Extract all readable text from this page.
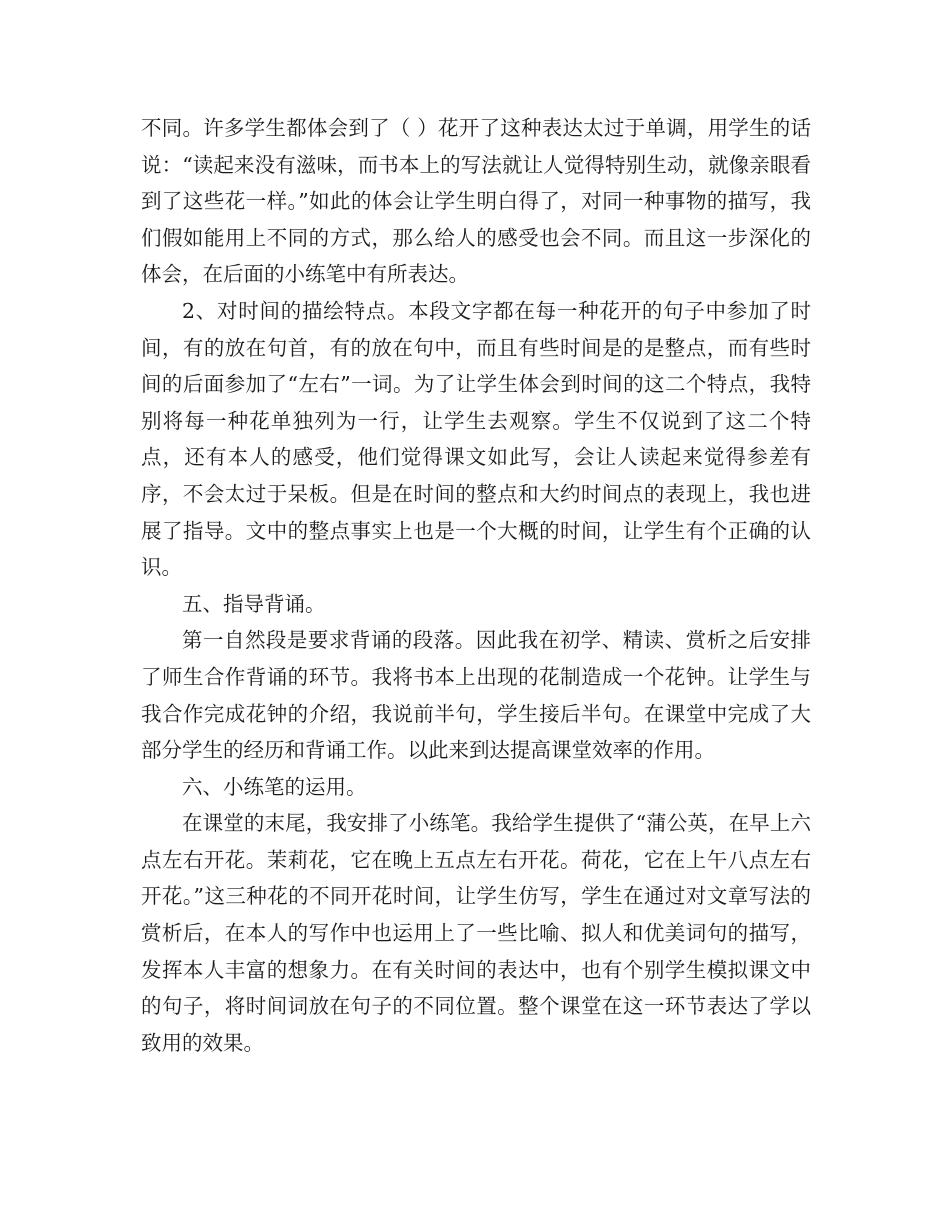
不同。许多学生都体会到了（ ）花开了这种表达太过于单调，用学生的话说：“读起来没有滋味，而书本上的写法就让人觉得特别生动，就像亲眼看到了这些花一样。”如此的体会让学生明白得了，对同一种事物的描写，我们假如能用上不同的方式，那么给人的感受也会不同。而且这一步深化的体会，在后面的小练笔中有所表达。

2、对时间的描绘特点。本段文字都在每一种花开的句子中参加了时间，有的放在句首，有的放在句中，而且有些时间是的是整点，而有些时间的后面参加了“左右”一词。为了让学生体会到时间的这二个特点，我特别将每一种花单独列为一行，让学生去观察。学生不仅说到了这二个特点，还有本人的感受，他们觉得课文如此写，会让人读起来觉得参差有序，不会太过于呆板。但是在时间的整点和大约时间点的表现上，我也进展了指导。文中的整点事实上也是一个大概的时间，让学生有个正确的认识。

五、指导背诵。

第一自然段是要求背诵的段落。因此我在初学、精读、赏析之后安排了师生合作背诵的环节。我将书本上出现的花制造成一个花钟。让学生与我合作完成花钟的介绍，我说前半句，学生接后半句。在课堂中完成了大部分学生的经历和背诵工作。以此来到达提高课堂效率的作用。

六、小练笔的运用。

在课堂的末尾，我安排了小练笔。我给学生提供了“蒲公英，在早上六点左右开花。茉莉花，它在晚上五点左右开花。荷花，它在上午八点左右开花。”这三种花的不同开花时间，让学生仿写，学生在通过对文章写法的赏析后，在本人的写作中也运用上了一些比喻、拟人和优美词句的描写，发挥本人丰富的想象力。在有关时间的表达中，也有个别学生模拟课文中的句子，将时间词放在句子的不同位置。整个课堂在这一环节表达了学以致用的效果。
